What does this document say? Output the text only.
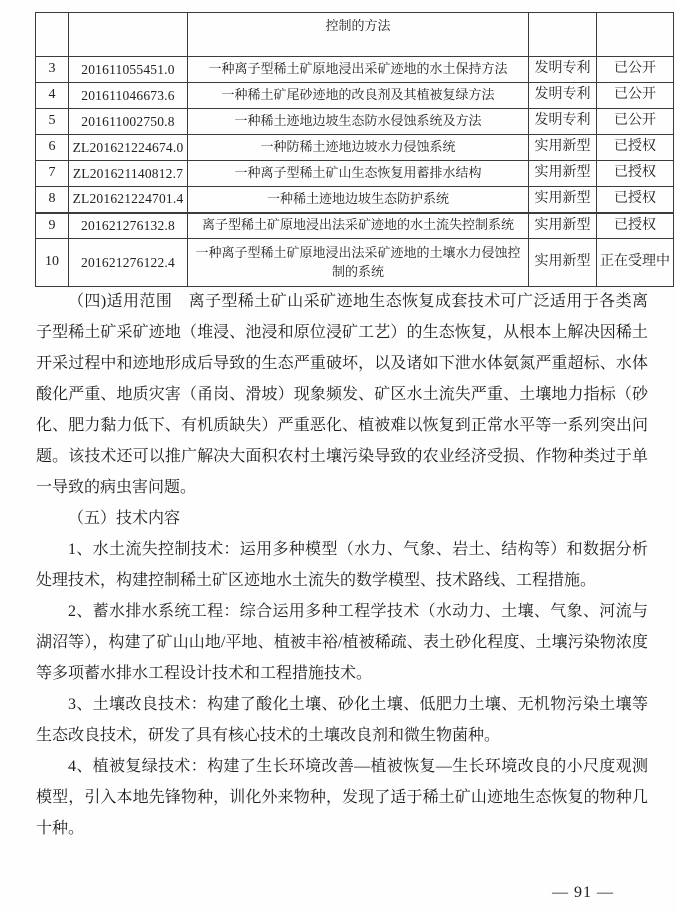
		控制的方法		
3	201611055451.0	一种离子型稀土矿原地浸出采矿迹地的水土保持方法	发明专利	已公开
4	201611046673.6	一种稀土矿尾砂迹地的改良剂及其植被复绿方法	发明专利	已公开
5	201611002750.8	一种稀土迹地边坡生态防水侵蚀系统及方法	发明专利	已公开
6	ZL201621224674.0	一种防稀土迹地边坡水力侵蚀系统	实用新型	已授权
7	ZL201621140812.7	一种离子型稀土矿山生态恢复用蓄排水结构	实用新型	已授权
8	ZL201621224701.4	一种稀土迹地边坡生态防护系统	实用新型	已授权
9	201621276132.8	离子型稀土矿原地浸出法采矿迹地的水土流失控制系统	实用新型	已授权
10	201621276122.4	一种离子型稀土矿原地浸出法采矿迹地的土壤水力侵蚀控制的系统	实用新型	正在受理中

（四)适用范围　离子型稀土矿山采矿迹地生态恢复成套技术可广泛适用于各类离子型稀土矿采矿迹地（堆浸、池浸和原位浸矿工艺）的生态恢复，从根本上解决因稀土开采过程中和迹地形成后导致的生态严重破坏，以及诸如下泄水体氨氮严重超标、水体酸化严重、地质灾害（甬岗、滑坡）现象频发、矿区水土流失严重、土壤地力指标（砂化、肥力黏力低下、有机质缺失）严重恶化、植被难以恢复到正常水平等一系列突出问题。该技术还可以推广解决大面积农村土壤污染导致的农业经济受损、作物种类过于单一导致的病虫害问题。

（五）技术内容

1、水土流失控制技术：运用多种模型（水力、气象、岩土、结构等）和数据分析处理技术，构建控制稀土矿区迹地水土流失的数学模型、技术路线、工程措施。

2、蓄水排水系统工程：综合运用多种工程学技术（水动力、土壤、气象、河流与湖沼等），构建了矿山山地/平地、植被丰裕/植被稀疏、表土砂化程度、土壤污染物浓度等多项蓄水排水工程设计技术和工程措施技术。

3、土壤改良技术：构建了酸化土壤、砂化土壤、低肥力土壤、无机物污染土壤等生态改良技术，研发了具有核心技术的土壤改良剂和微生物菌种。

4、植被复绿技术：构建了生长环境改善—植被恢复—生长环境改良的小尺度观测模型，引入本地先锋物种，训化外来物种，发现了适于稀土矿山迹地生态恢复的物种几十种。

— 91 —
